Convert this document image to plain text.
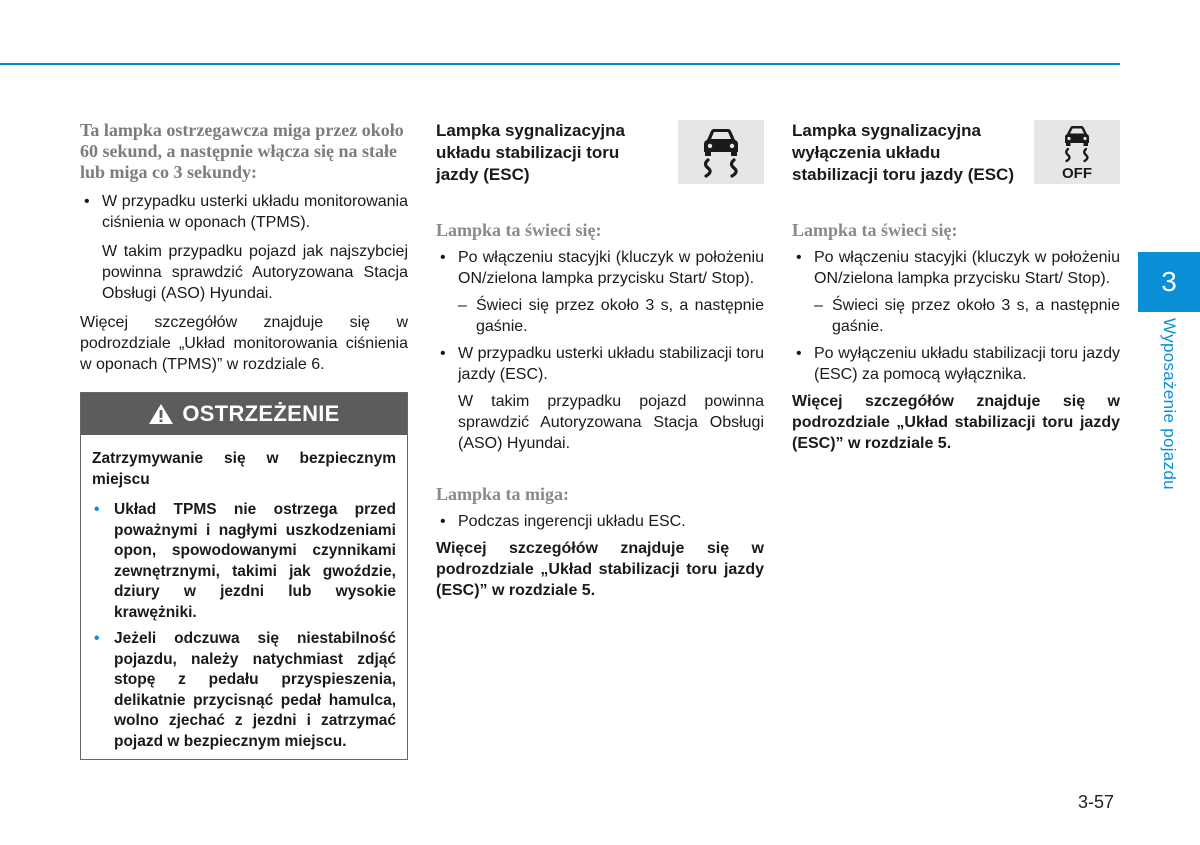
Ta lampka ostrzegawcza miga przez około 60 sekund, a następnie włącza się na stałe lub miga co 3 sekundy:

• W przypadku usterki układu monitorowania ciśnienia w oponach (TPMS).

W takim przypadku pojazd jak najszybciej powinna sprawdzić Autoryzowana Stacja Obsługi (ASO) Hyundai.

Więcej szczegółów znajduje się w podrozdziale „Układ monitorowania ciśnienia w oponach (TPMS)” w rozdziale 6.

OSTRZEŻENIE

Zatrzymywanie się w bezpiecznym miejscu

• Układ TPMS nie ostrzega przed poważnymi i nagłymi uszkodzeniami opon, spowodowanymi czynnikami zewnętrznymi, takimi jak gwoździe, dziury w jezdni lub wysokie krawężniki.
• Jeżeli odczuwa się niestabilność pojazdu, należy natychmiast zdjąć stopę z pedału przyspieszenia, delikatnie przycisnąć pedał hamulca, wolno zjechać z jezdni i zatrzymać pojazd w bezpiecznym miejscu.
Lampka sygnalizacyjna układu stabilizacji toru jazdy (ESC)

Lampka ta świeci się:

• Po włączeniu stacyjki (kluczyk w położeniu ON/zielona lampka przycisku Start/ Stop).

– Świeci się przez około 3 s, a następnie gaśnie.

• W przypadku usterki układu stabilizacji toru jazdy (ESC).

W takim przypadku pojazd powinna sprawdzić Autoryzowana Stacja Obsługi (ASO) Hyundai.

Lampka ta miga:

• Podczas ingerencji układu ESC.

Więcej szczegółów znajduje się w podrozdziale „Układ stabilizacji toru jazdy (ESC)” w rozdziale 5.

Lampka sygnalizacyjna wyłączenia układu stabilizacji toru jazdy (ESC)	OFF

Lampka ta świeci się:

• Po włączeniu stacyjki (kluczyk w położeniu ON/zielona lampka przycisku Start/ Stop).

– Świeci się przez około 3 s, a następnie gaśnie.

• Po wyłączeniu układu stabilizacji toru jazdy (ESC) za pomocą wyłącznika.

Więcej szczegółów znajduje się w podrozdziale „Układ stabilizacji toru jazdy (ESC)” w rozdziale 5.

3
Wyposażenie pojazdu
3-57
